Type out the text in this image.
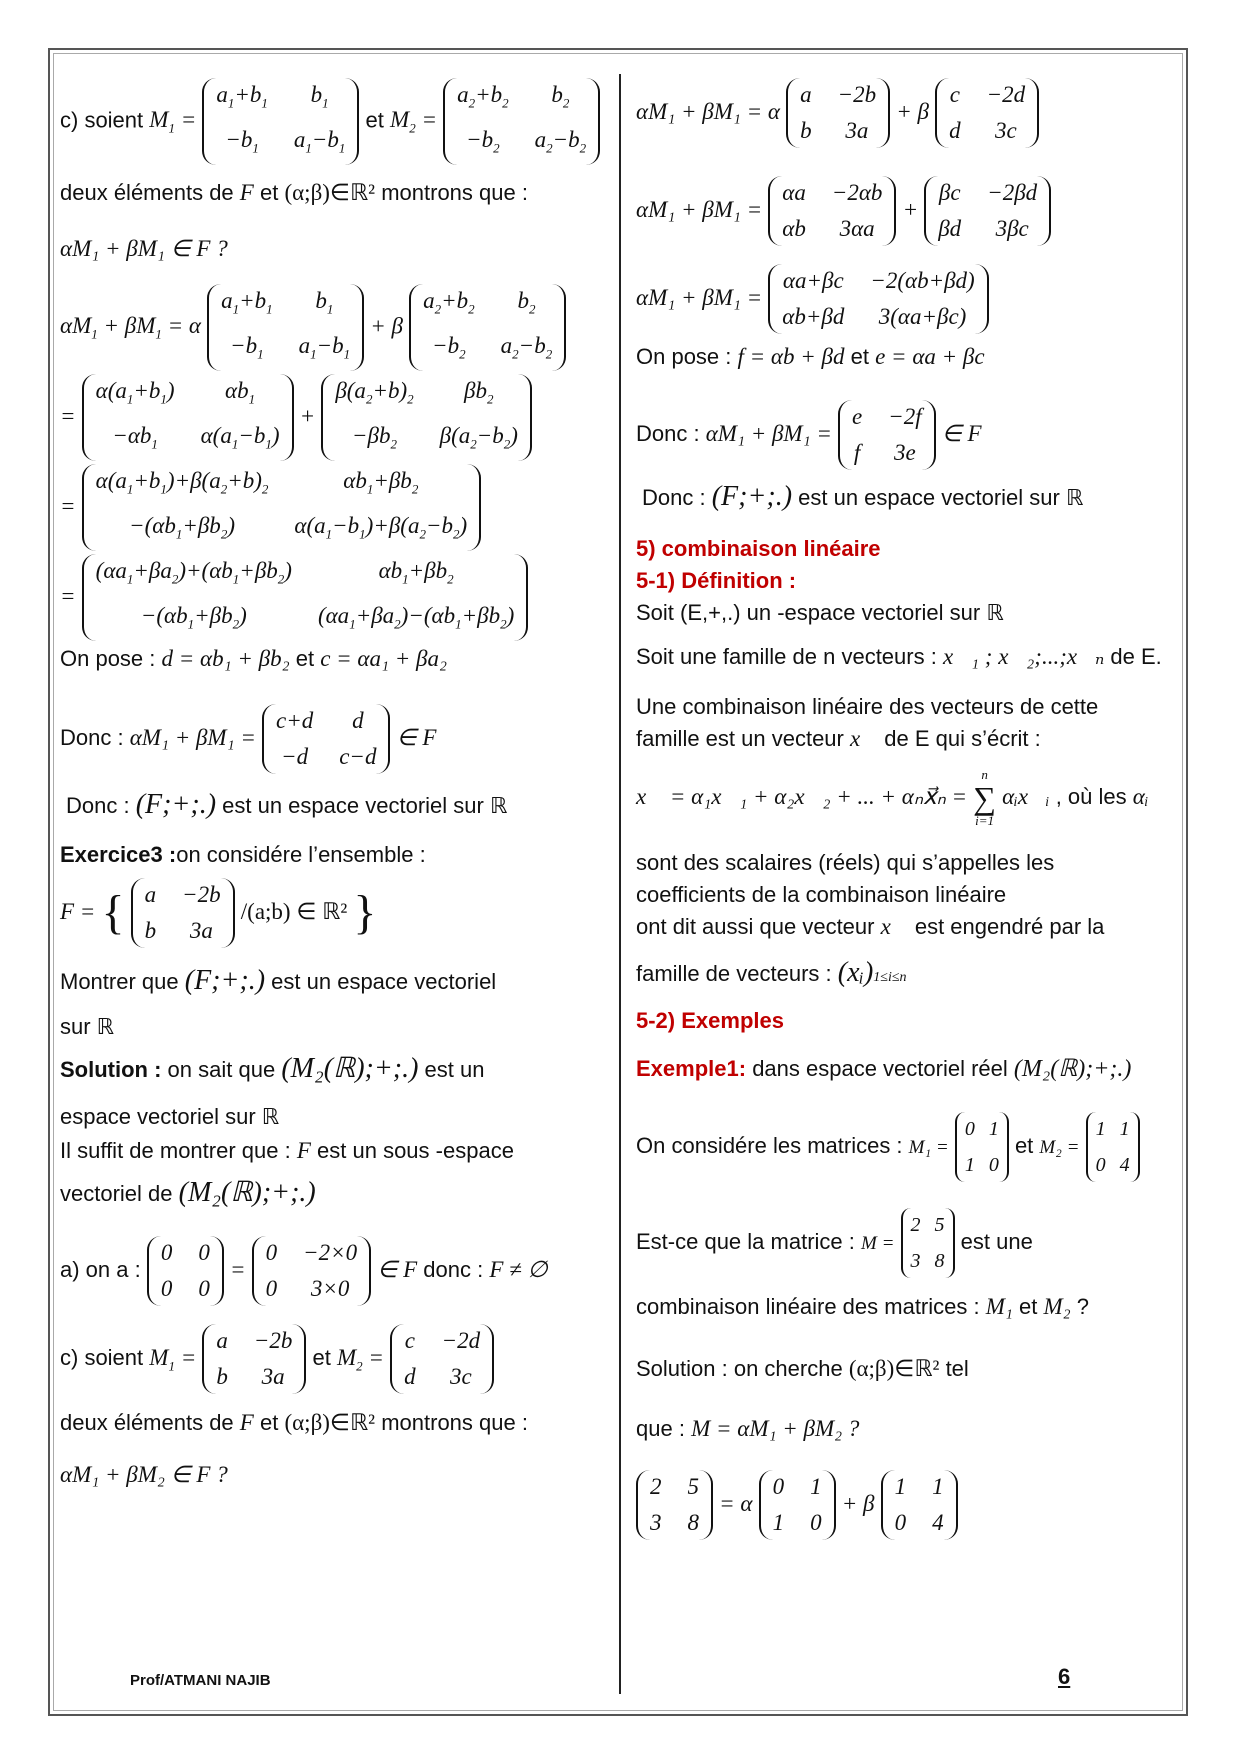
c) soient $M_1$ =
$a_1+b_1$	$b_1$
$-b_1$	$a_1-b_1$
et $M_2$ =
$a_2+b_2$	$b_2$
$-b_2$	$a_2-b_2$
deux éléments de F et (α;β)∈ℝ² montrons que :
αM₁ + βM₁ ∈ F ?
$\alpha M_1 + \beta M_1 = \alpha$
$a_1+b_1$	$b_1$
$-b_1$	$a_1-b_1$
+ β
$a_2+b_2$	$b_2$
$-b_2$	$a_2-b_2$
=
$\alpha(a_1+b_1)$	$\alpha b_1$
$-\alpha b_1$	$\alpha(a_1-b_1)$
+
$\beta(a_2+b)_2$	$\beta b_2$
$-\beta b_2$	$\beta(a_2-b_2)$
=
$\alpha(a_1+b_1)+\beta(a_2+b)_2$	$\alpha b_1+\beta b_2$
$-(\alpha b_1+\beta b_2)$	$\alpha(a_1-b_1)+\beta(a_2-b_2)$
=
$(\alpha a_1+\beta a_2)+(\alpha b_1+\beta b_2)$	$\alpha b_1+\beta b_2$
$-(\alpha b_1+\beta b_2)$	$(\alpha a_1+\beta a_2)-(\alpha b_1+\beta b_2)$
On pose : d = αb₁ + βb₂ et c = αa₁ + βa₂
Donc : αM₁ + βM₁ =
c+d	d
−d c−d
∈ F
Donc : (F;+;.) est un espace vectoriel sur ℝ
Exercice3 :on considére l’ensemble :
F = { a −2b
b	3a
/(a;b) ∈ ℝ² }
Montrer que (F;+;.) est un espace vectoriel
sur ℝ
Solution : on sait que (M₂(ℝ);+;.) est un
espace vectoriel sur ℝ
Il suffit de montrer que : F est un sous -espace
vectoriel de (M₂(ℝ);+;.)
a) on a :
0 0
0 0
=
0 −2×0
0	3×0
∈ F donc : F ≠ ∅
c) soient $M_1$ =
a −2b
b	3a
et $M_2$ =
c −2d
d	3c
deux éléments de F et (α;β)∈ℝ² montrons que :
αM₁ + βM₂ ∈ F ?
αM₁ + βM₁ = α
a −2b
b	3a
+ β
c −2d
d	3c
αM₁ + βM₁ =
αa −2αb
αb	3αa
+
βc −2βd
βd	3βc
αM₁ + βM₁ =
αa+βc −2(αb+βd)
αb+βd	3(αa+βc)
On pose : f = αb + βd et e = αa + βc
Donc : αM₁ + βM₁ =
e −2f
f 3e
∈ F
Donc : (F;+;.) est un espace vectoriel sur ℝ
5) combinaison linéaire
5-1) Définition :
Soit (E,+,.) un -espace vectoriel sur ℝ
Soit une famille de n vecteurs : x⃗₁ ; x⃗₂;...;x⃗ₙ de E.
Une combinaison linéaire des vecteurs de cette
famille est un vecteur x⃗ de E qui s’écrit :
x⃗ = α₁x⃗₁ + α₂x⃗₂ + ... + αₙx⃗ₙ =
n
∑
i=1
αᵢx⃗ᵢ , où les αᵢ
sont des scalaires (réels) qui s’appelles les
coefficients de la combinaison linéaire
ont dit aussi que vecteur x⃗ est engendré par la
famille de vecteurs : (xᵢ)1≤i≤n
5-2) Exemples
Exemple1: dans espace vectoriel réel (M₂(ℝ);+;.)
On considére les matrices : M₁ =
0 1
1 0
et M₂ =
1 1
0 4
Est-ce que la matrice : M =
2 5
3 8
est une
combinaison linéaire des matrices : M₁ et M₂ ?
Solution : on cherche (α;β)∈ℝ² tel
que : M = αM₁ + βM₂ ?
2 5
3 8
= α
0 1
1 0
+ β
1 1
0 4
Prof/ATMANI NAJIB	6
